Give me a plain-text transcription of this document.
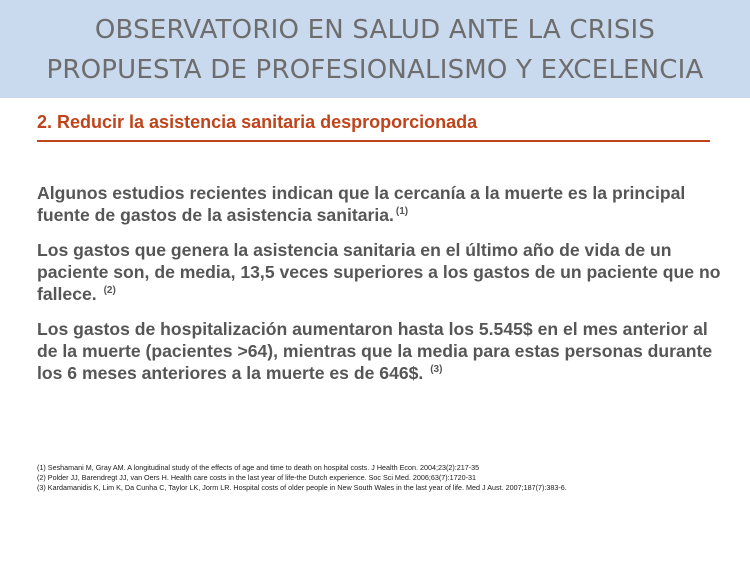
OBSERVATORIO EN SALUD ANTE LA CRISIS
PROPUESTA DE PROFESIONALISMO Y EXCELENCIA
2. Reducir la asistencia sanitaria desproporcionada
Algunos estudios recientes indican que la cercanía a la muerte es la principal fuente de gastos de la asistencia sanitaria. $^{(1)}$
Los gastos que genera la asistencia sanitaria en el último año de vida de un paciente son, de media, 13,5 veces superiores a los gastos de un paciente que no fallece. $^{(2)}$
Los gastos de hospitalización aumentaron hasta los 5.545$ en el mes anterior al de la muerte (pacientes >64), mientras que la media para estas personas durante los 6 meses anteriores a la muerte es de 646$. $^{(3)}$
(1) Seshamani M, Gray AM. A longitudinal study of the effects of age and time to death on hospital costs. J Health Econ. 2004;23(2):217-35
(2) Polder JJ, Barendregt JJ, van Oers H. Health care costs in the last year of life-the Dutch experience. Soc Sci Med. 2006;63(7):1720-31
(3) Kardamanidis K, Lim K, Da Cunha C, Taylor LK, Jorm LR. Hospital costs of older people in New South Wales in the last year of life. Med J Aust. 2007;187(7):383-6.
